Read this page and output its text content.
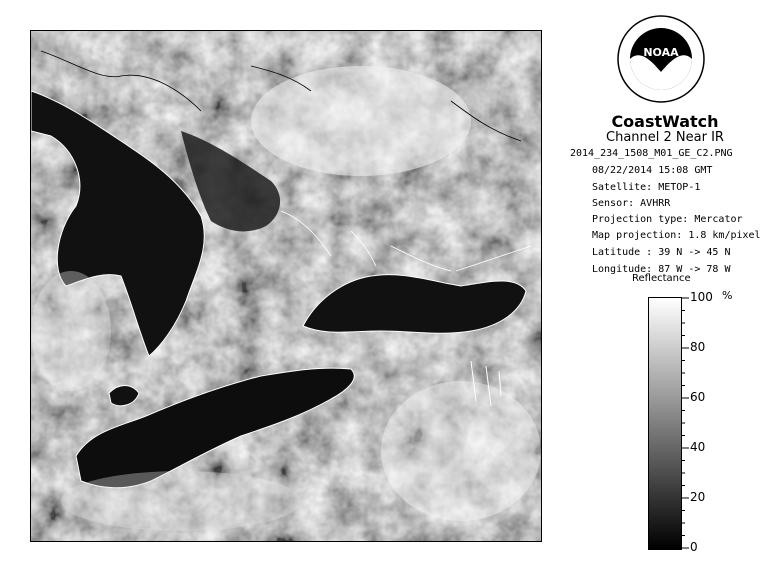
NOAA
CoastWatch
Channel 2 Near IR
2014_234_1508_M01_GE_C2.PNG
08/22/2014 15:08 GMT
Satellite: METOP-1
Sensor: AVHRR
Projection type: Mercator
Map projection: 1.8 km/pixel
Latitude : 39 N -> 45 N
Longitude: 87 W -> 78 W
Reflectance
%
100
80
60
40
20
0
